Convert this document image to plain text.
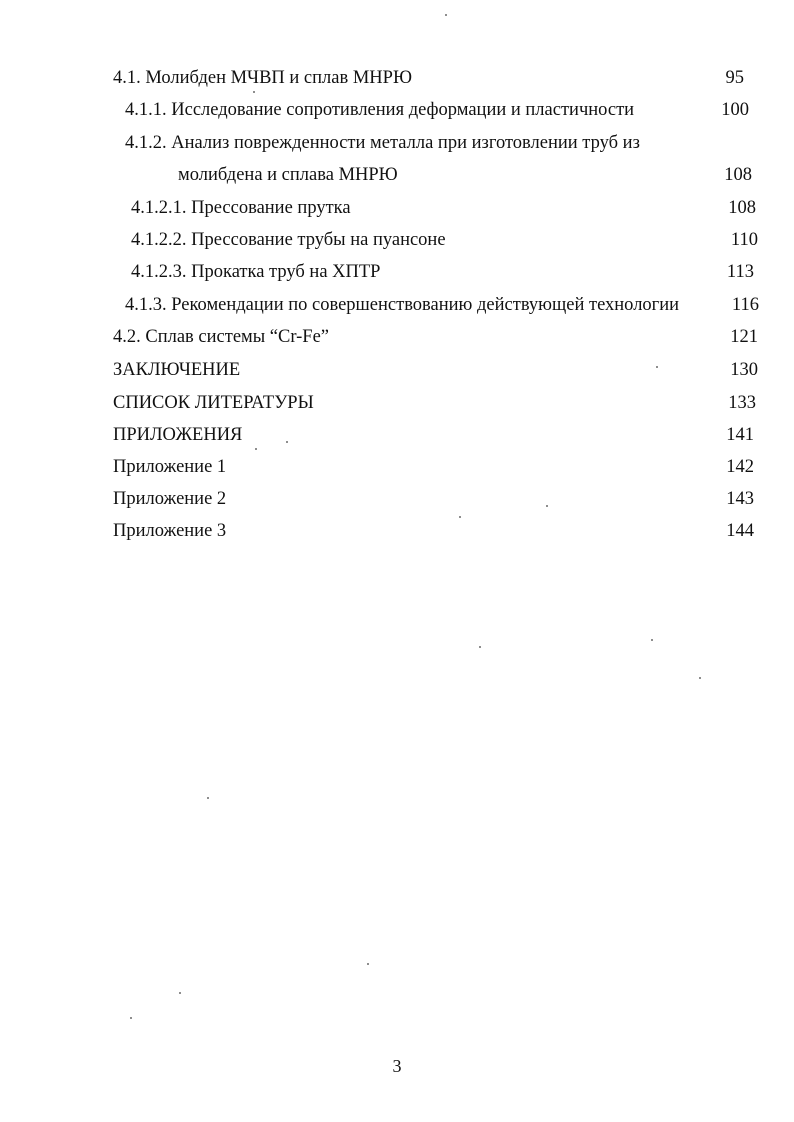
4.1. Молибден МЧВП и сплав МНРЮ	95
4.1.1. Исследование сопротивления деформации и пластичности	100
4.1.2. Анализ поврежденности металла при изготовлении труб из
молибдена и сплава МНРЮ	108
4.1.2.1. Прессование прутка	108
4.1.2.2. Прессование трубы на пуансоне	110
4.1.2.3. Прокатка труб на ХПТР	113
4.1.3. Рекомендации по совершенствованию действующей технологии	116
4.2. Сплав системы “Cr-Fe”	121
ЗАКЛЮЧЕНИЕ	130
СПИСОК ЛИТЕРАТУРЫ	133
ПРИЛОЖЕНИЯ	141
Приложение 1	142
Приложение 2	143
Приложение 3	144
3
